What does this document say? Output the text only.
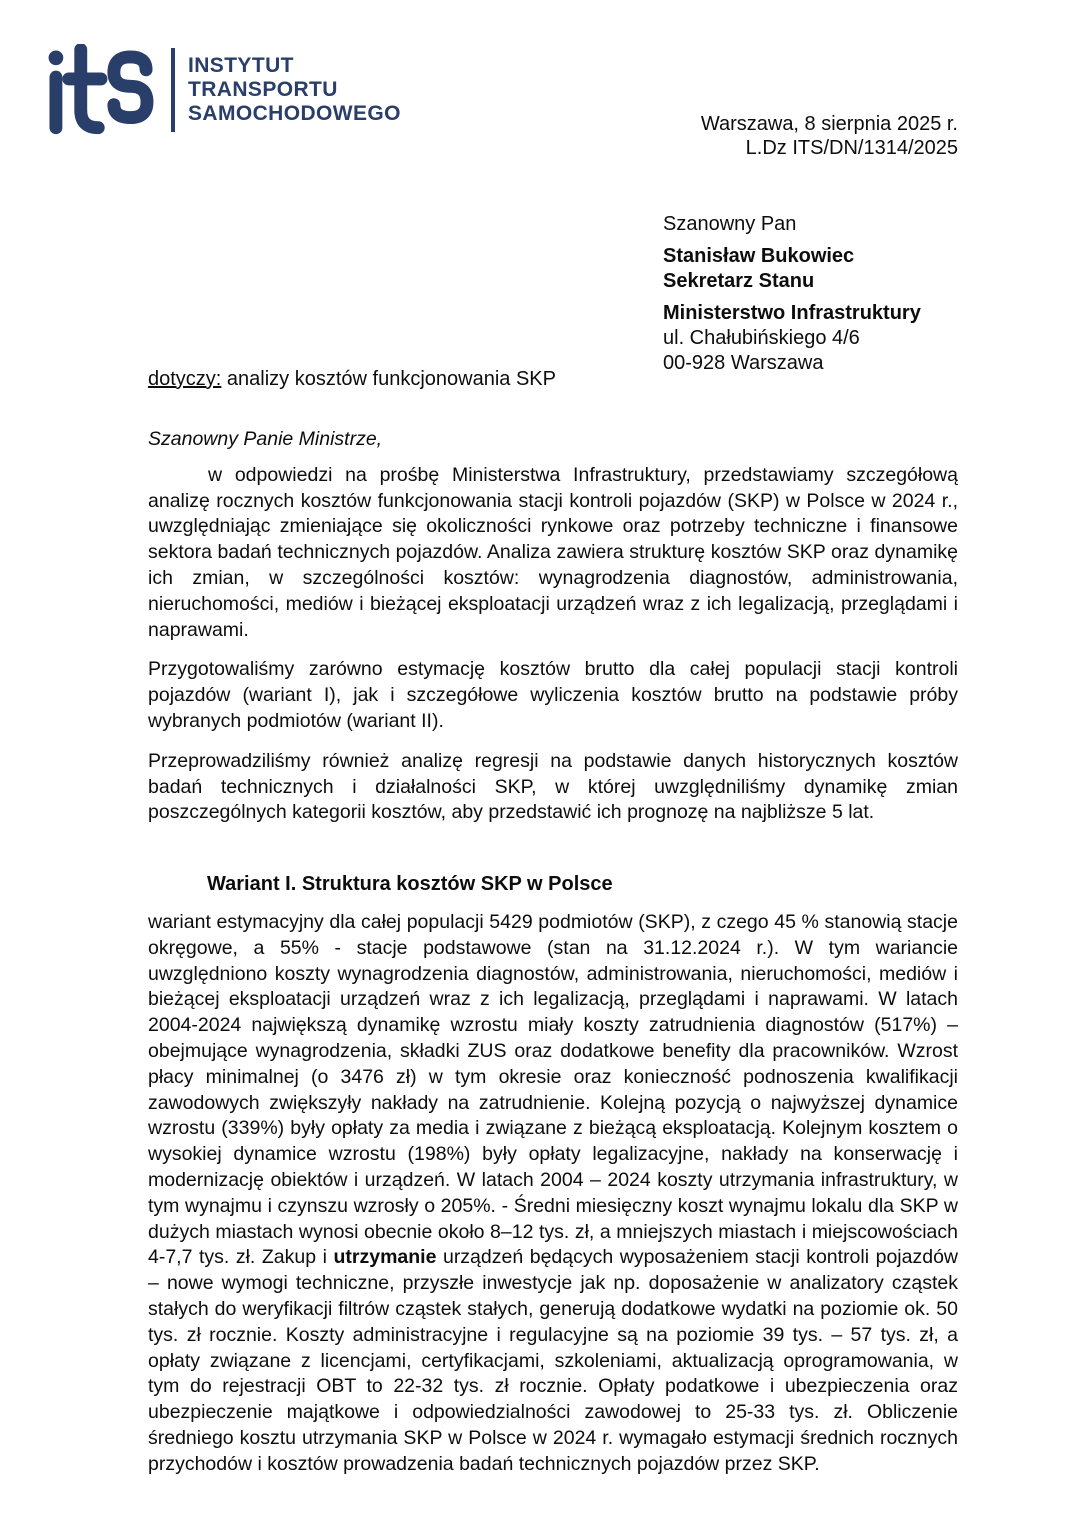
INSTYTUT
TRANSPORTU
SAMOCHODOWEGO	Warszawa, 8 sierpnia 2025 r.
L.Dz ITS/DN/1314/2025
Szanowny Pan
Stanisław Bukowiec
Sekretarz Stanu
Ministerstwo Infrastruktury
ul. Chałubińskiego 4/6
00-928 Warszawa
dotyczy: analizy kosztów funkcjonowania SKP

Szanowny Panie Ministrze,

w odpowiedzi na prośbę Ministerstwa Infrastruktury, przedstawiamy szczegółową analizę rocznych kosztów funkcjonowania stacji kontroli pojazdów (SKP) w Polsce w 2024 r., uwzględniając zmieniające się okoliczności rynkowe oraz potrzeby techniczne i finansowe sektora badań technicznych pojazdów. Analiza zawiera strukturę kosztów SKP oraz dynamikę ich zmian, w szczególności kosztów: wynagrodzenia diagnostów, administrowania, nieruchomości, mediów i bieżącej eksploatacji urządzeń wraz z ich legalizacją, przeglądami i naprawami.

Przygotowaliśmy zarówno estymację kosztów brutto dla całej populacji stacji kontroli pojazdów (wariant I), jak i szczegółowe wyliczenia kosztów brutto na podstawie próby wybranych podmiotów (wariant II).

Przeprowadziliśmy również analizę regresji na podstawie danych historycznych kosztów badań technicznych i działalności SKP, w której uwzględniliśmy dynamikę zmian poszczególnych kategorii kosztów, aby przedstawić ich prognozę na najbliższe 5 lat.

Wariant I. Struktura kosztów SKP w Polsce

wariant estymacyjny dla całej populacji 5429 podmiotów (SKP), z czego 45 % stanowią stacje okręgowe, a 55% - stacje podstawowe (stan na 31.12.2024 r.). W tym wariancie uwzględniono koszty wynagrodzenia diagnostów, administrowania, nieruchomości, mediów i bieżącej eksploatacji urządzeń wraz z ich legalizacją, przeglądami i naprawami. W latach 2004-2024 największą dynamikę wzrostu miały koszty zatrudnienia diagnostów (517%) – obejmujące wynagrodzenia, składki ZUS oraz dodatkowe benefity dla pracowników. Wzrost płacy minimalnej (o 3476 zł) w tym okresie oraz konieczność podnoszenia kwalifikacji zawodowych zwiększyły nakłady na zatrudnienie. Kolejną pozycją o najwyższej dynamice wzrostu (339%) były opłaty za media i związane z bieżącą eksploatacją. Kolejnym kosztem o wysokiej dynamice wzrostu (198%) były opłaty legalizacyjne, nakłady na konserwację i modernizację obiektów i urządzeń. W latach 2004 – 2024 koszty utrzymania infrastruktury, w tym wynajmu i czynszu wzrosły o 205%. - Średni miesięczny koszt wynajmu lokalu dla SKP w dużych miastach wynosi obecnie około 8–12 tys. zł, a mniejszych miastach i miejscowościach 4-7,7 tys. zł. Zakup i utrzymanie urządzeń będących wyposażeniem stacji kontroli pojazdów – nowe wymogi techniczne, przyszłe inwestycje jak np. doposażenie w analizatory cząstek stałych do weryfikacji filtrów cząstek stałych, generują dodatkowe wydatki na poziomie ok. 50 tys. zł rocznie. Koszty administracyjne i regulacyjne są na poziomie 39 tys. – 57 tys. zł, a opłaty związane z licencjami, certyfikacjami, szkoleniami, aktualizacją oprogramowania, w tym do rejestracji OBT to 22-32 tys. zł rocznie. Opłaty podatkowe i ubezpieczenia oraz ubezpieczenie majątkowe i odpowiedzialności zawodowej to 25-33 tys. zł. Obliczenie średniego kosztu utrzymania SKP w Polsce w 2024 r. wymagało estymacji średnich rocznych przychodów i kosztów prowadzenia badań technicznych pojazdów przez SKP.
